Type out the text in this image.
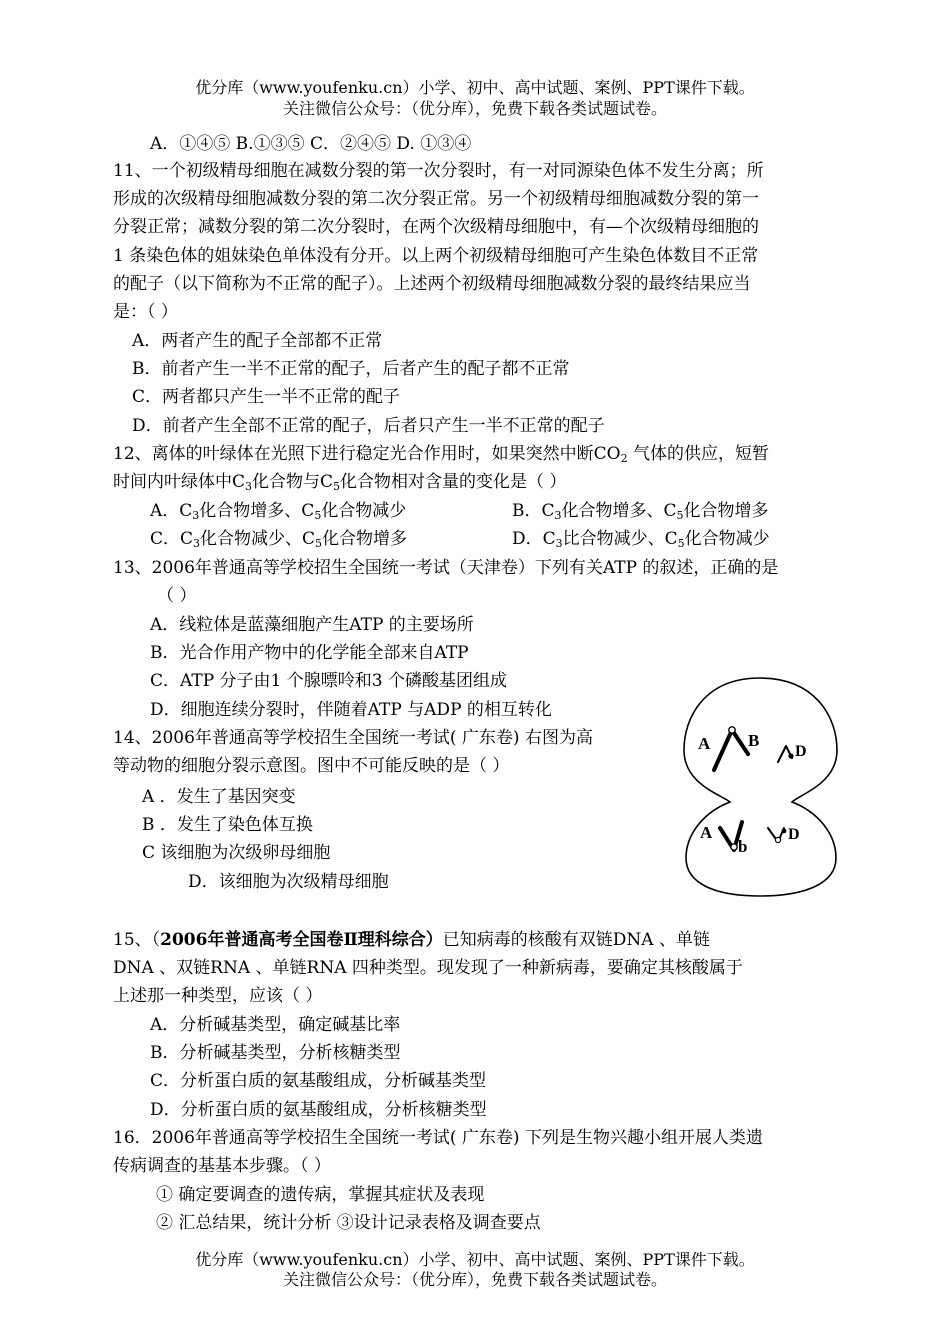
优分库（www.youfenku.cn）小学、初中、高中试题、案例、PPT课件下载。
关注微信公众号：（优分库），免费下载各类试题试卷。
A．①④⑤ B.①③⑤ C．②④⑤ D. ①③④
11、一个初级精母细胞在减数分裂的第一次分裂时，有一对同源染色体不发生分离；所
形成的次级精母细胞减数分裂的第二次分裂正常。另一个初级精母细胞减数分裂的第一
分裂正常；减数分裂的第二次分裂时，在两个次级精母细胞中，有—个次级精母细胞的
1 条染色体的姐妹染色单体没有分开。以上两个初级精母细胞可产生染色体数目不正常
的配子（以下简称为不正常的配子）。上述两个初级精母细胞减数分裂的最终结果应当
是：（ ）
A．两者产生的配子全部都不正常
B．前者产生一半不正常的配子，后者产生的配子都不正常
C．两者都只产生一半不正常的配子
D．前者产生全部不正常的配子，后者只产生一半不正常的配子
12、离体的叶绿体在光照下进行稳定光合作用时，如果突然中断$CO_2$ 气体的供应，短暂
时间内叶绿体中$C_3$化合物与$C_5$化合物相对含量的变化是（ ）
A．$C_3$化合物增多、$C_5$化合物减少	B．$C_3$化合物增多、$C_5$化合物增多
C．$C_3$化合物减少、$C_5$化合物增多	D．$C_3$比合物减少、$C_5$化合物减少
13、2006年普通高等学校招生全国统一考试（天津卷）下列有关ATP 的叙述，正确的是
（ ）
A．线粒体是蓝藻细胞产生ATP 的主要场所
B．光合作用产物中的化学能全部来自ATP
C．ATP 分子由1 个腺嘌呤和3 个磷酸基团组成
D．细胞连续分裂时，伴随着ATP 与ADP 的相互转化
14、2006年普通高等学校招生全国统一考试( 广东卷) 右图为高
等动物的细胞分裂示意图。图中不可能反映的是（ ）
A ．发生了基因突变
B ．发生了染色体互换
C 该细胞为次级卵母细胞
D．该细胞为次级精母细胞
A B
D
A
b
D
15、（2006年普通高考全国卷Ⅱ理科综合）已知病毒的核酸有双链DNA 、单链
DNA 、双链RNA 、单链RNA 四种类型。现发现了一种新病毒，要确定其核酸属于
上述那一种类型，应该（ ）
A．分析碱基类型，确定碱基比率
B．分析碱基类型，分析核糖类型
C．分析蛋白质的氨基酸组成，分析碱基类型
D．分析蛋白质的氨基酸组成，分析核糖类型
16．2006年普通高等学校招生全国统一考试( 广东卷) 下列是生物兴趣小组开展人类遗
传病调查的基基本步骤。（ ）
① 确定要调查的遗传病，掌握其症状及表现
② 汇总结果，统计分析 ③设计记录表格及调查要点
优分库（www.youfenku.cn）小学、初中、高中试题、案例、PPT课件下载。
关注微信公众号：（优分库），免费下载各类试题试卷。
